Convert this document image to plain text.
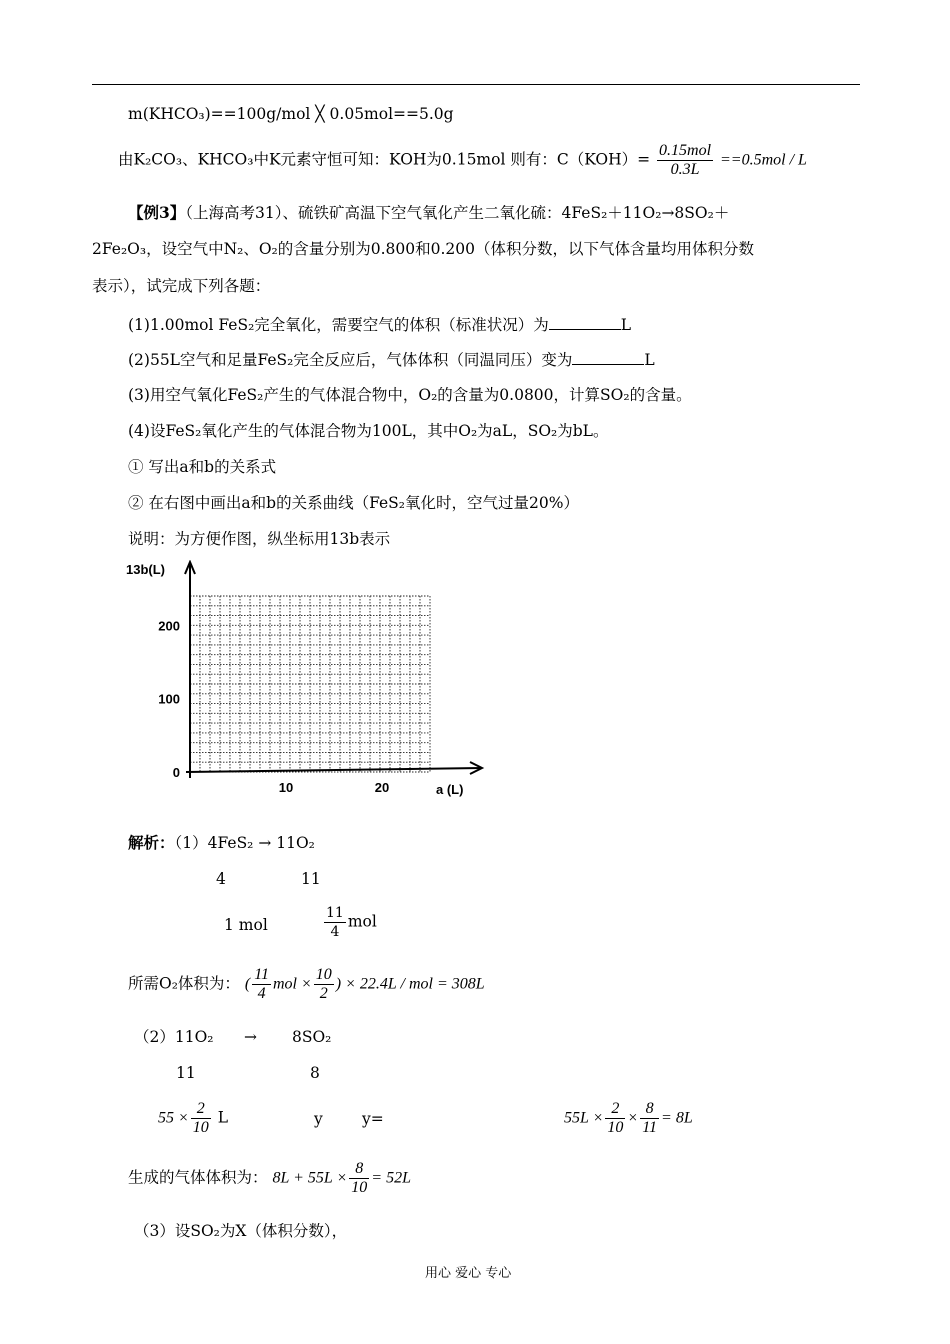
m(KHCO₃)==100g/mol ╳ 0.05mol==5.0g
由K₂CO₃、KHCO₃中K元素守恒可知：KOH为0.15mol 则有：$C(KOH)= \frac{\text{0.15mol}}{0.3L} ==0.5mol / L$
【例3】（上海高考31）、硫铁矿高温下空气氧化产生二氧化硫：4FeS₂＋11O₂→8SO₂＋
2Fe₂O₃，设空气中N₂、O₂的含量分别为0.800和0.200（体积分数，以下气体含量均用体积分数
表示），试完成下列各题：
(1)1.00mol FeS₂完全氧化，需要空气的体积（标准状况）为	L
(2)55L空气和足量FeS₂完全反应后，气体体积（同温同压）变为	L
(3)用空气氧化FeS₂产生的气体混合物中，O₂的含量为0.0800，计算SO₂的含量。
(4)设FeS₂氧化产生的气体混合物为100L，其中O₂为aL，SO₂为bL。
① 写出a和b的关系式
② 在右图中画出a和b的关系曲线（FeS₂氧化时，空气过量20%）
说明：为方便作图，纵坐标用13b表示
13b(L)
a (L)
200
100
0
10	20
解析：（1）4FeS₂ → 11O₂
4	11
1 mol	$\frac{11}{4}$ mol
所需O₂体积为： ( $\frac{11}{4}$ mol × $\frac{10}{2}$ ) × 22.4L / mol = 308L
（2）11O₂ → 8SO₂
11	8
$55 \times \frac{2}{10}$ L	y	y=	$55L \times \frac{2}{10} \times \frac{8}{11} = 8L$
生成的气体体积为： $8L + 55L \times \frac{8}{10} = 52L$
（3）设SO₂为X（体积分数），
用心 爱心 专心
